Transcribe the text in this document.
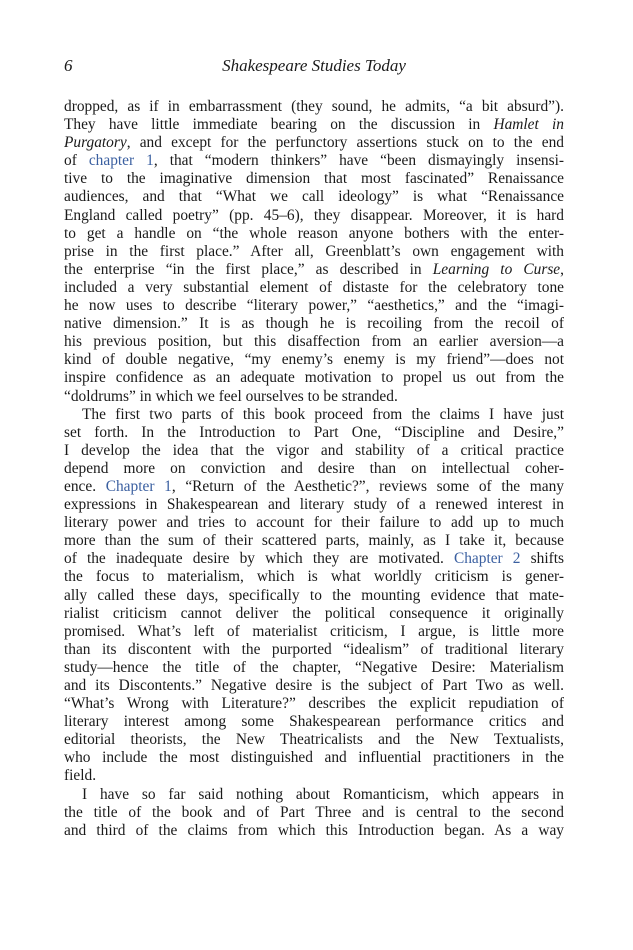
6	Shakespeare Studies Today
dropped, as if in embarrassment (they sound, he admits, “a bit absurd”).
They have little immediate bearing on the discussion in Hamlet in
Purgatory, and except for the perfunctory assertions stuck on to the end
of chapter 1, that “modern thinkers” have “been dismayingly insensi-
tive to the imaginative dimension that most fascinated” Renaissance
audiences, and that “What we call ideology” is what “Renaissance
England called poetry” (pp. 45–6), they disappear. Moreover, it is hard
to get a handle on “the whole reason anyone bothers with the enter-
prise in the first place.” After all, Greenblatt’s own engagement with
the enterprise “in the first place,” as described in Learning to Curse,
included a very substantial element of distaste for the celebratory tone
he now uses to describe “literary power,” “aesthetics,” and the “imagi-
native dimension.” It is as though he is recoiling from the recoil of
his previous position, but this disaffection from an earlier aversion—a
kind of double negative, “my enemy’s enemy is my friend”—does not
inspire confidence as an adequate motivation to propel us out from the
“doldrums” in which we feel ourselves to be stranded.
The first two parts of this book proceed from the claims I have just
set forth. In the Introduction to Part One, “Discipline and Desire,”
I develop the idea that the vigor and stability of a critical practice
depend more on conviction and desire than on intellectual coher-
ence. Chapter 1, “Return of the Aesthetic?”, reviews some of the many
expressions in Shakespearean and literary study of a renewed interest in
literary power and tries to account for their failure to add up to much
more than the sum of their scattered parts, mainly, as I take it, because
of the inadequate desire by which they are motivated. Chapter 2 shifts
the focus to materialism, which is what worldly criticism is gener-
ally called these days, specifically to the mounting evidence that mate-
rialist criticism cannot deliver the political consequence it originally
promised. What’s left of materialist criticism, I argue, is little more
than its discontent with the purported “idealism” of traditional literary
study—hence the title of the chapter, “Negative Desire: Materialism
and its Discontents.” Negative desire is the subject of Part Two as well.
“What’s Wrong with Literature?” describes the explicit repudiation of
literary interest among some Shakespearean performance critics and
editorial theorists, the New Theatricalists and the New Textualists,
who include the most distinguished and influential practitioners in the
field.
I have so far said nothing about Romanticism, which appears in
the title of the book and of Part Three and is central to the second
and third of the claims from which this Introduction began. As a way
